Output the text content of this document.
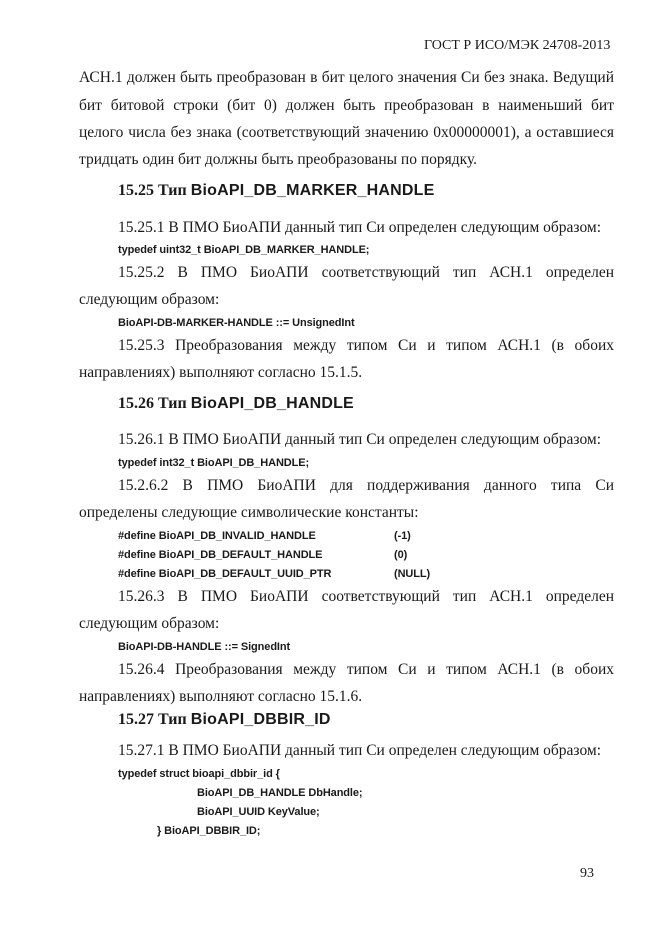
ГОСТ Р ИСО/МЭК 24708-2013
АСН.1 должен быть преобразован в бит целого значения Си без знака. Ведущий
бит битовой строки (бит 0) должен быть преобразован в наименьший бит
целого числа без знака (соответствующий значению 0x00000001), а оставшиеся
тридцать один бит должны быть преобразованы по порядку.
15.25 Тип BioAPI_DB_MARKER_HANDLE
15.25.1 В ПМО БиоАПИ данный тип Си определен следующим образом:
typedef uint32_t BioAPI_DB_MARKER_HANDLE;
15.25.2 В ПМО БиоАПИ соответствующий тип АСН.1 определен
следующим образом:
BioAPI-DB-MARKER-HANDLE ::= UnsignedInt
15.25.3 Преобразования между типом Си и типом АСН.1 (в обоих
направлениях) выполняют согласно 15.1.5.
15.26 Тип BioAPI_DB_HANDLE
15.26.1 В ПМО БиоАПИ данный тип Си определен следующим образом:
typedef int32_t BioAPI_DB_HANDLE;
15.2.6.2 В ПМО БиоАПИ для поддерживания данного типа Си
определены следующие символические константы:
#define BioAPI_DB_INVALID_HANDLE	(-1)
#define BioAPI_DB_DEFAULT_HANDLE	(0)
#define BioAPI_DB_DEFAULT_UUID_PTR	(NULL)
15.26.3 В ПМО БиоАПИ соответствующий тип АСН.1 определен
следующим образом:
BioAPI-DB-HANDLE ::= SignedInt
15.26.4 Преобразования между типом Си и типом АСН.1 (в обоих
направлениях) выполняют согласно 15.1.6.
15.27 Тип BioAPI_DBBIR_ID
15.27.1 В ПМО БиоАПИ данный тип Си определен следующим образом:
typedef struct bioapi_dbbir_id {
BioAPI_DB_HANDLE DbHandle;
BioAPI_UUID KeyValue;
} BioAPI_DBBIR_ID;
93
